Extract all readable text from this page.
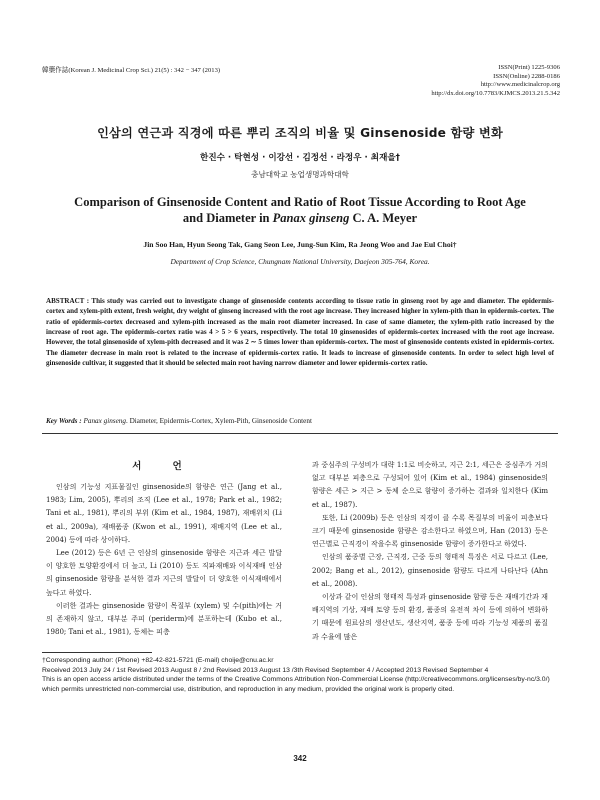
韓藥作誌(Korean J. Medicinal Crop Sci.) 21(5) : 342 − 347 (2013)	ISSN(Print) 1225-9306
ISSN(Online) 2288-0186
http://www.medicinalcrop.org
http://dx.doi.org/10.7783/KJMCS.2013.21.5.342
인삼의 연근과 직경에 따른 뿌리 조직의 비율 및 Ginsenoside 함량 변화
한진수 · 탁현성 · 이강선 · 김정선 · 라정우 · 최재을†
충남대학교 농업생명과학대학
Comparison of Ginsenoside Content and Ratio of Root Tissue According to Root Age
and Diameter in Panax ginseng C. A. Meyer
Jin Soo Han, Hyun Seong Tak, Gang Seon Lee, Jung-Sun Kim, Ra Jeong Woo and Jae Eul Choi†
Department of Crop Science, Chungnam National University, Daejeon 305-764, Korea.
ABSTRACT : This study was carried out to investigate change of ginsenoside contents according to tissue ratio in ginseng root by age and diameter. The epidermis-cortex and xylem-pith extent, fresh weight, dry weight of ginseng increased with the root age increase. They increased higher in xylem-pith than in epidermis-cortex. The ratio of epidermis-cortex decreased and xylem-pith increased as the main root diameter increased. In case of same diameter, the xylem-pith ratio increased by the increase of root age. The epidermis-cortex ratio was 4 > 5 > 6 years, respectively. The total 10 ginsenosides of epidermis-cortex increased with the root age increase. However, the total ginsenoside of xylem-pith decreased and it was 2 ∼ 5 times lower than epidermis-cortex. The most of ginsenoside contents existed in epidermis-cortex. The diameter decrease in main root is related to the increase of epidermis-cortex ratio. It leads to increase of ginsenoside contents. In order to select high level of ginsenoside cultivar, it suggested that it should be selected main root having narrow diameter and lower epidermis-cortex ratio.
Key Words : Panax ginseng. Diameter, Epidermis-Cortex, Xylem-Pith, Ginsenoside Content
서 언

인삼의 기능성 지표물질인 ginsenoside의 함량은 연근 (Jang et al., 1983; Lim, 2005), 뿌리의 조직 (Lee et al., 1978; Park et al., 1982; Tani et al., 1981), 뿌리의 부위 (Kim et al., 1984, 1987), 재배위치 (Li et al., 2009a), 재배품종 (Kwon et al., 1991), 재배지역 (Lee et al., 2004) 등에 따라 상이하다.

Lee (2012) 등은 6년 근 인삼의 ginsenoside 함량은 지근과 세근 발달이 양호한 토양환경에서 더 높고, Li (2010) 등도 직파재배와 이식재배 인삼의 ginsenoside 함량을 분석한 결과 지근의 발달이 더 양호한 이식재배에서 높다고 하였다.

이러한 결과는 ginsenoside 함량이 목질부 (xylem) 및 수(pith)에는 거의 존재하지 않고, 대부분 주피 (periderm)에 분포하는데 (Kubo et al., 1980; Tani et al., 1981), 동체는 피층

과 중심주의 구성비가 대략 1:1로 비슷하고, 지근 2:1, 세근은 중심주가 거의 없고 대부분 피층으로 구성되어 있어 (Kim et al., 1984) ginsenoside의 함량은 세근 > 지근 > 동체 순으로 함량이 증가하는 결과와 일치한다 (Kim et al., 1987).

또한, Li (2009b) 등은 인삼의 직경이 클 수록 목질부의 비율이 피층보다 크기 때문에 ginsenoside 함량은 감소한다고 하였으며, Han (2013) 등은 연근별로 근직경이 작을수록 ginsenoside 함량이 증가한다고 하였다.

인삼의 품종별 근장, 근직경, 근중 등의 형태적 특징은 서로 다르고 (Lee, 2002; Bang et al., 2012), ginsenoside 함량도 다르게 나타난다 (Ahn et al., 2008).

이상과 같이 인삼의 형태적 특성과 ginsenoside 함량 등은 재배기간과 재배지역의 기상, 재배 토양 등의 환경, 품종의 유전적 차이 등에 의하여 변화하기 때문에 원료삼의 생산년도, 생산지역, 품종 등에 따라 기능성 제품의 품질과 수율에 많은

†Corresponding author: (Phone) +82-42-821-5721 (E-mail) choije@cnu.ac.kr
Received 2013 July 24 / 1st Revised 2013 August 8 / 2nd Revised 2013 August 13 /3th Revised September 4 / Accepted 2013 Revised September 4
This is an open access article distributed under the terms of the Creative Commons Attribution Non-Commercial License (http://creativecommons.org/licenses/by-nc/3.0/) which permits unrestricted non-commercial use, distribution, and reproduction in any medium, provided the original work is properly cited.
342
